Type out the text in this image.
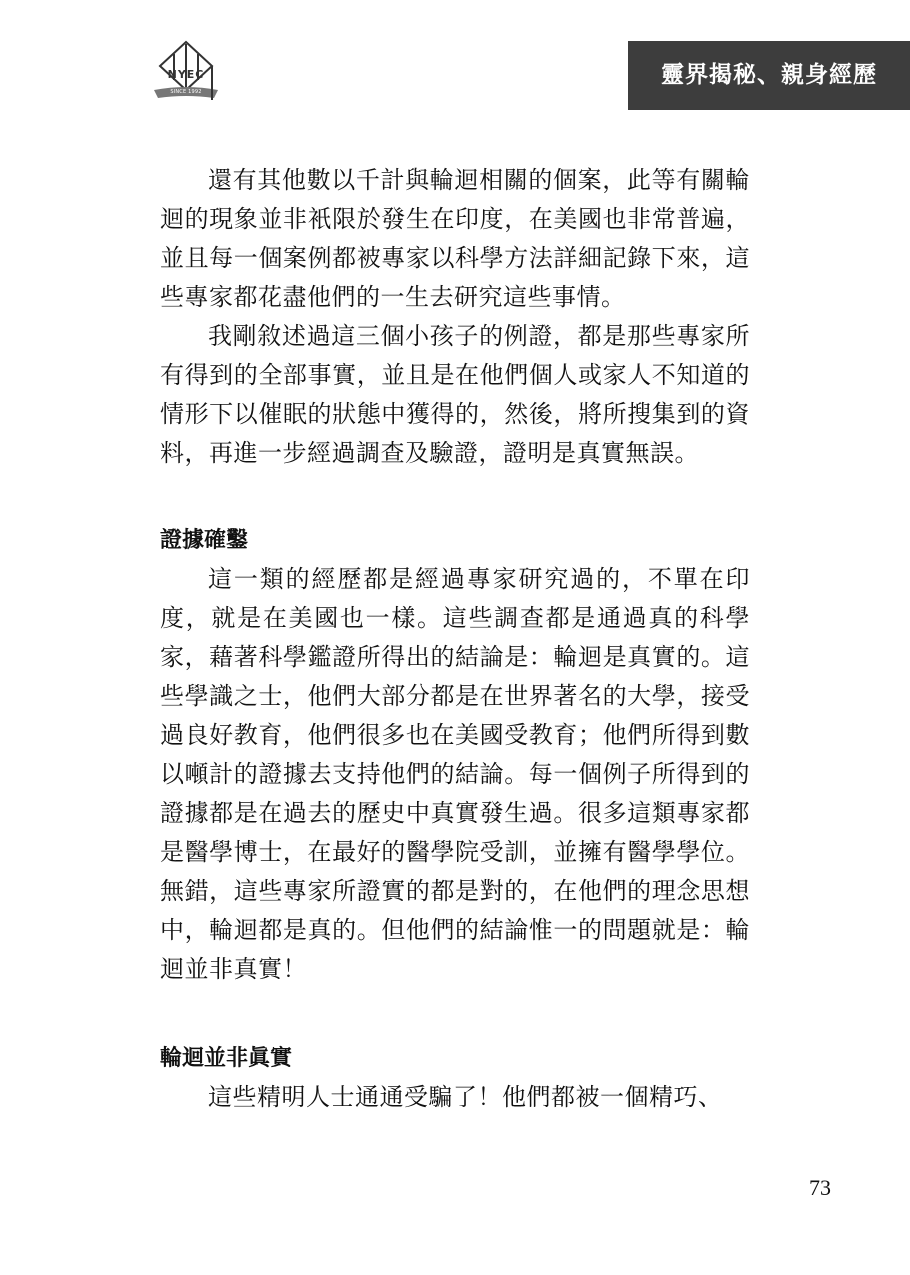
NYEC
SINCE 1992
靈界揭秘、親身經歷

還有其他數以千計與輪迴相關的個案，此等有關輪迴的現象並非衹限於發生在印度，在美國也非常普遍，並且每一個案例都被專家以科學方法詳細記錄下來，這些專家都花盡他們的一生去研究這些事情。

我剛敘述過這三個小孩子的例證，都是那些專家所有得到的全部事實，並且是在他們個人或家人不知道的情形下以催眠的狀態中獲得的，然後，將所搜集到的資料，再進一步經過調查及驗證，證明是真實無誤。

證據確鑿

這一類的經歷都是經過專家研究過的，不單在印度，就是在美國也一樣。這些調查都是通過真的科學家，藉著科學鑑證所得出的結論是：輪迴是真實的。這些學識之士，他們大部分都是在世界著名的大學，接受過良好教育，他們很多也在美國受教育；他們所得到數以噸計的證據去支持他們的結論。每一個例子所得到的證據都是在過去的歷史中真實發生過。很多這類專家都是醫學博士，在最好的醫學院受訓，並擁有醫學學位。無錯，這些專家所證實的都是對的，在他們的理念思想中，輪迴都是真的。但他們的結論惟一的問題就是：輪迴並非真實！

輪迴並非眞實

這些精明人士通通受騙了！他們都被一個精巧、

73
